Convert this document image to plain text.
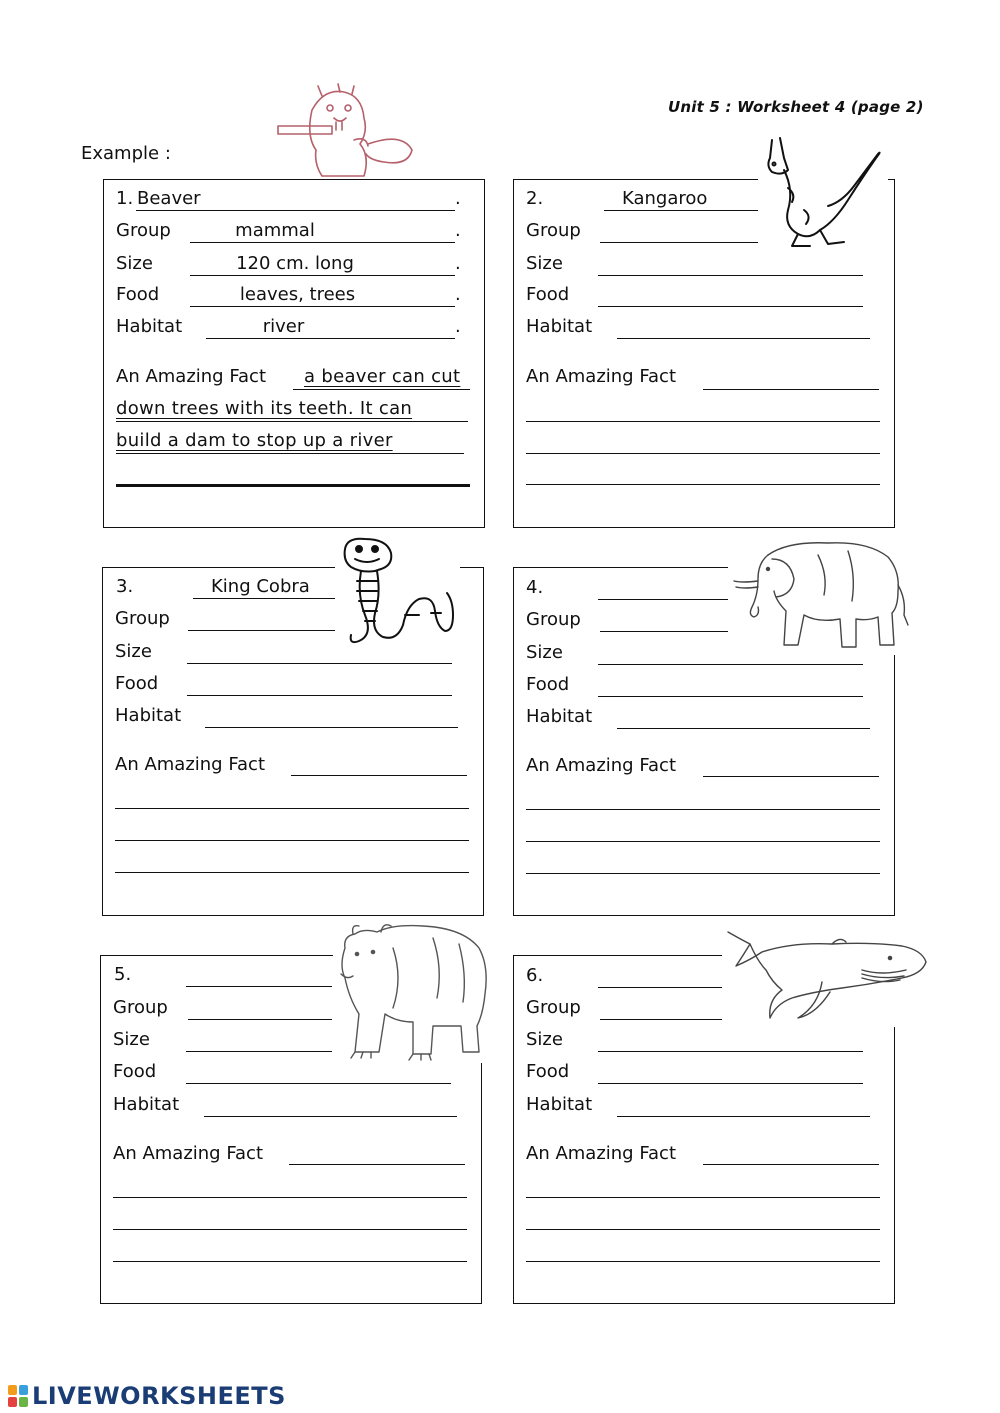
Unit 5 : Worksheet 4 (page 2)
Example :
1. Beaver	.
Group	mammal	.
Size	120 cm. long	.
Food	leaves, trees	.
Habitat	river	.
An Amazing Fact a beaver can cut
down trees with its teeth. It can
build a dam to stop up a river
2.	Kangaroo
Group
Size
Food
Habitat
An Amazing Fact
3.	King Cobra
Group
Size
Food
Habitat
An Amazing Fact
4.
Group
Size
Food
Habitat
An Amazing Fact
5.
Group
Size
Food
Habitat
An Amazing Fact
6.
Group
Size
Food
Habitat
An Amazing Fact
LIVEWORKSHEETS
